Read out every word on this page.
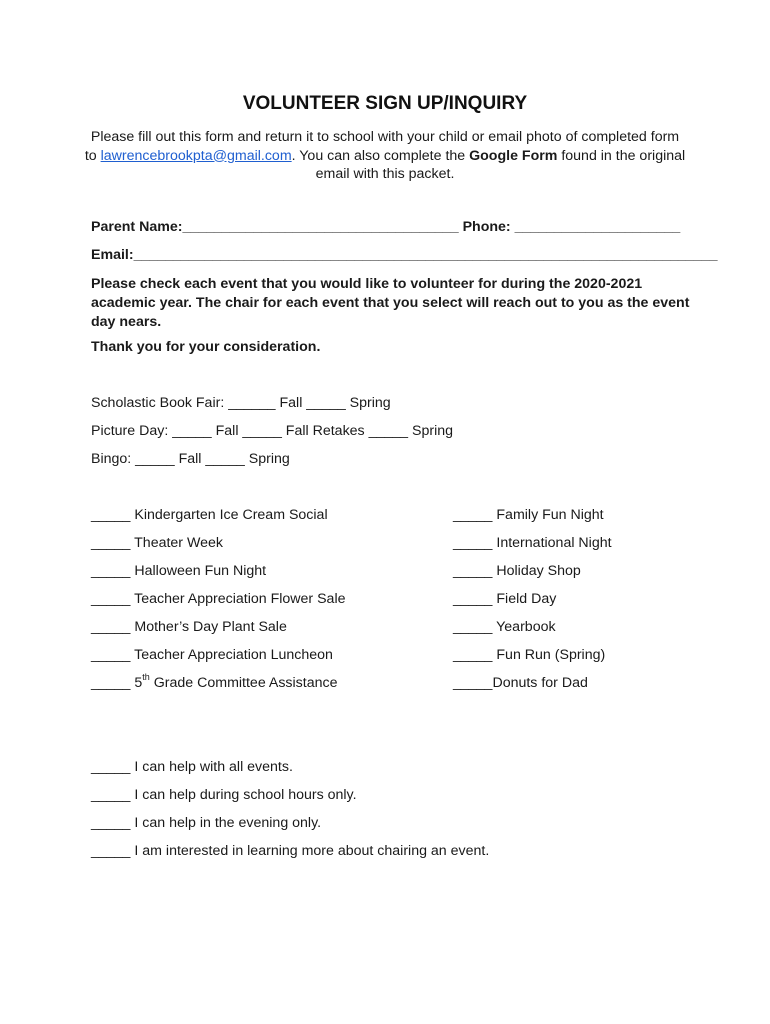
VOLUNTEER SIGN UP/INQUIRY
Please fill out this form and return it to school with your child or email photo of completed form
to lawrencebrookpta@gmail.com. You can also complete the Google Form found in the original
email with this packet.
Parent Name:___________________________________ Phone: _____________________
Email:__________________________________________________________________________
Please check each event that you would like to volunteer for during the 2020-2021 academic year. The chair for each event that you select will reach out to you as the event day nears.
Thank you for your consideration.
Scholastic Book Fair: ______ Fall _____ Spring
Picture Day: _____ Fall _____ Fall Retakes _____ Spring
Bingo: _____ Fall _____ Spring
_____ Kindergarten Ice Cream Social
_____ Theater Week
_____ Halloween Fun Night
_____ Teacher Appreciation Flower Sale
_____ Mother’s Day Plant Sale
_____ Teacher Appreciation Luncheon
_____ 5th Grade Committee Assistance
_____ Family Fun Night
_____ International Night
_____ Holiday Shop
_____ Field Day
_____ Yearbook
_____ Fun Run (Spring)
_____Donuts for Dad
_____ I can help with all events.
_____ I can help during school hours only.
_____ I can help in the evening only.
_____ I am interested in learning more about chairing an event.
